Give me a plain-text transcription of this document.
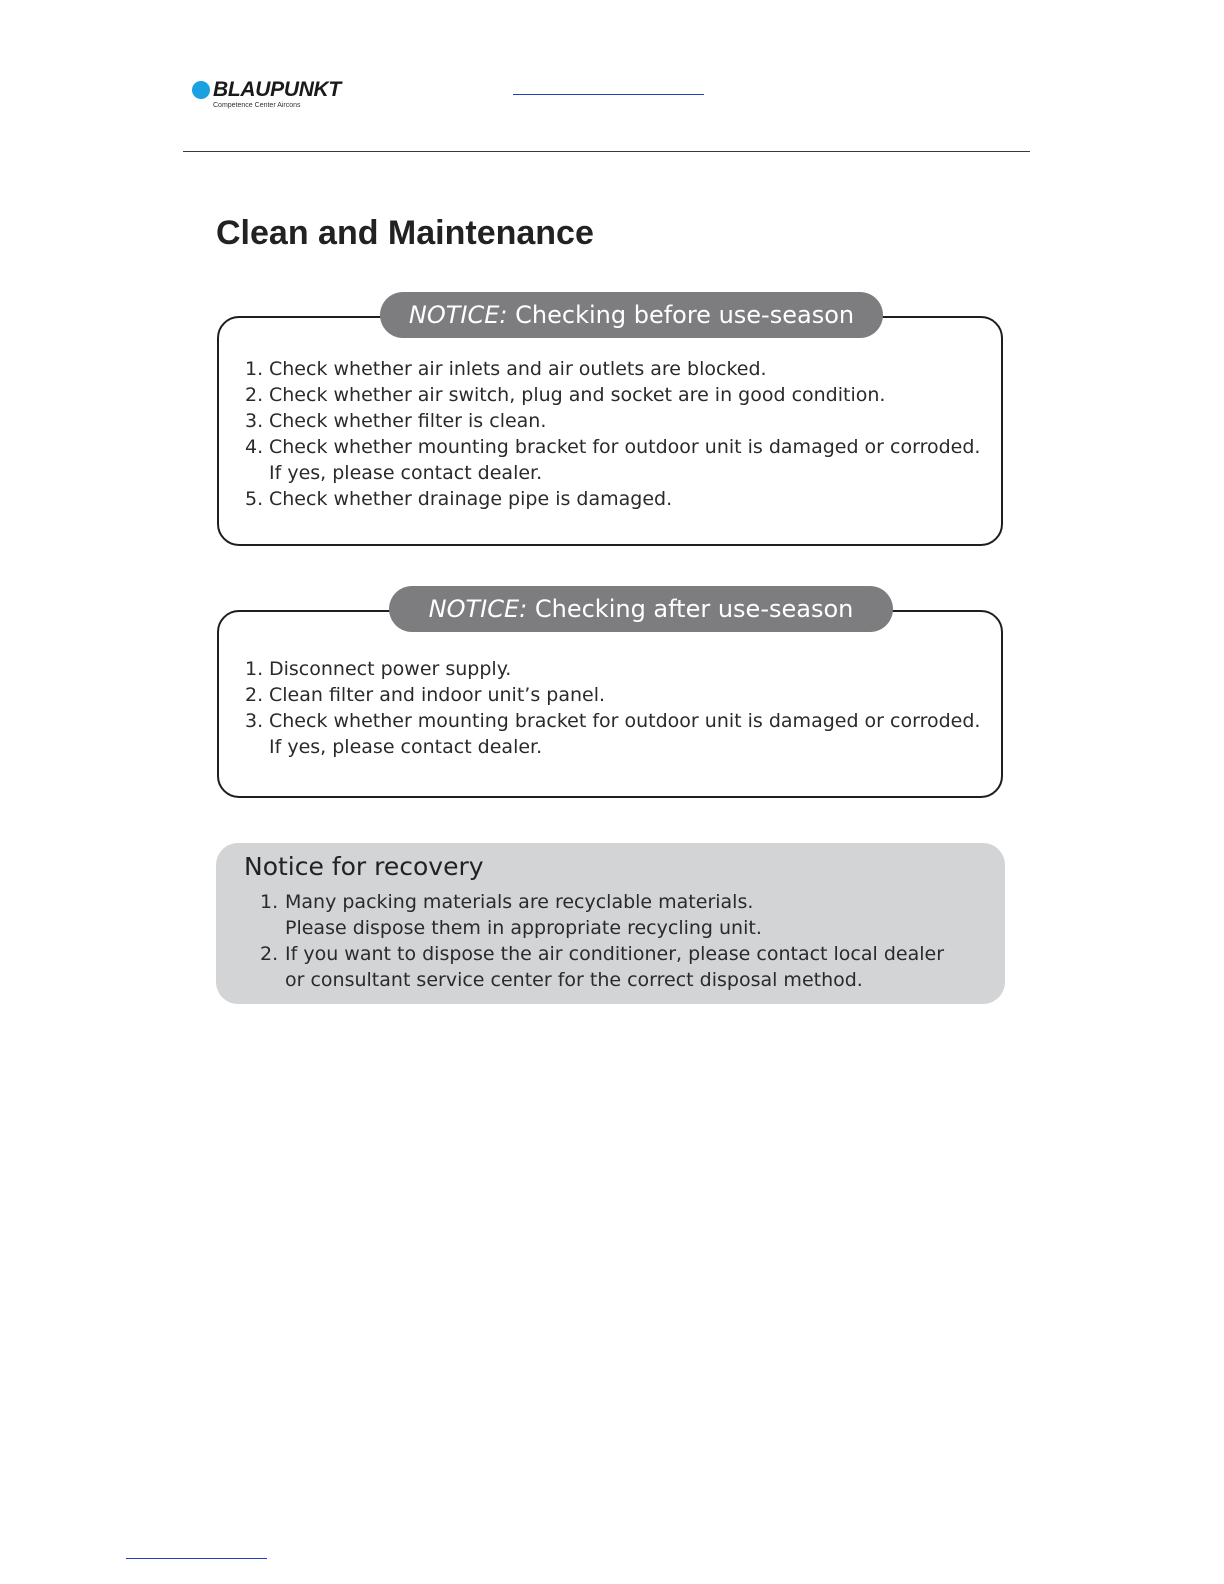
BLAUPUNKT
Competence Center Aircons
Clean and Maintenance
NOTICE: Checking before use-season
1. Check whether air inlets and air outlets are blocked.
2. Check whether air switch, plug and socket are in good condition.
3. Check whether filter is clean.
4. Check whether mounting bracket for outdoor unit is damaged or corroded.
If yes, please contact dealer.
5. Check whether drainage pipe is damaged.
NOTICE: Checking after use-season
1. Disconnect power supply.
2. Clean filter and indoor unit’s panel.
3. Check whether mounting bracket for outdoor unit is damaged or corroded.
If yes, please contact dealer.
Notice for recovery
1. Many packing materials are recyclable materials.
Please dispose them in appropriate recycling unit.
2. If you want to dispose the air conditioner, please contact local dealer
or consultant service center for the correct disposal method.
